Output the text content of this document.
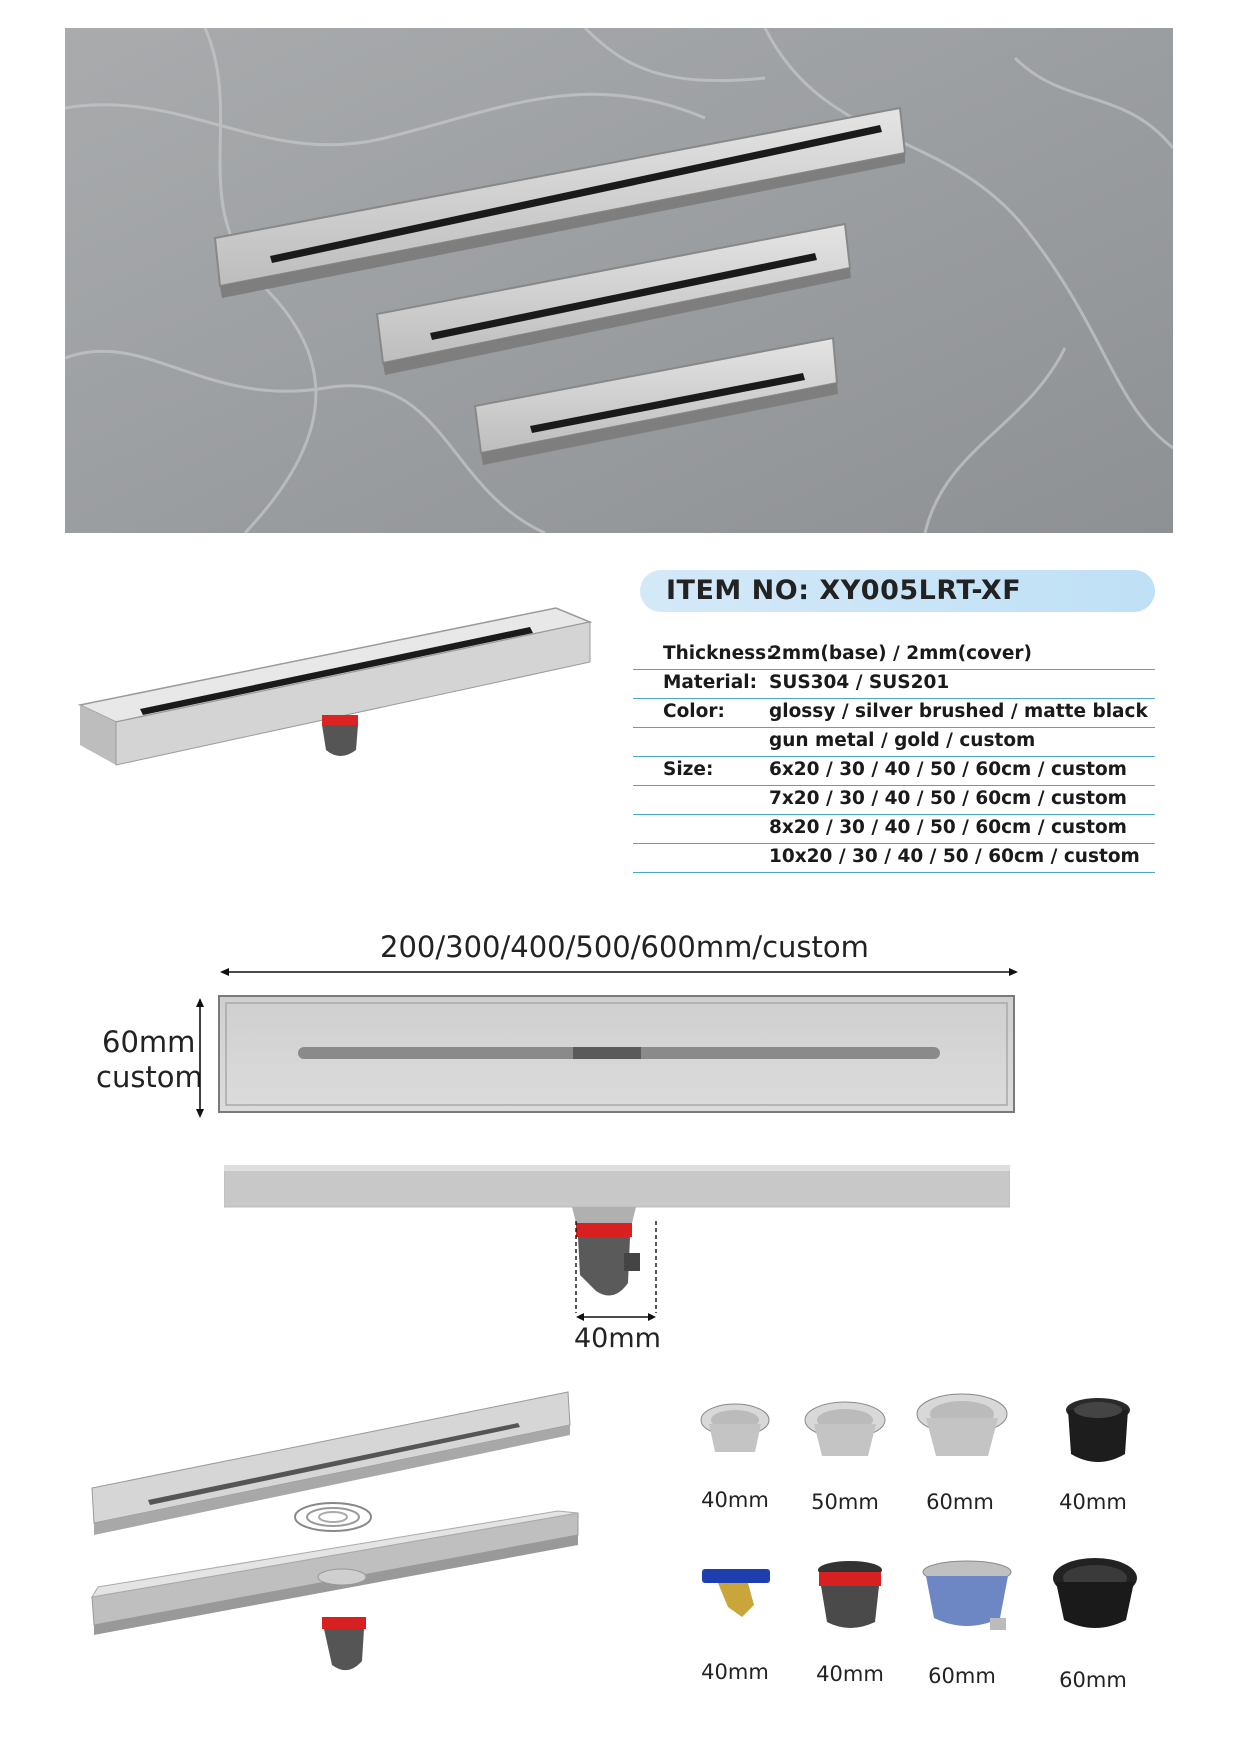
ITEM NO: XY005LRT-XF
Thickness:
2mm(base) / 2mm(cover)
Material: SUS304 / SUS201
Color: glossy / silver brushed / matte black
gun metal / gold / custom
Size:	6x20 / 30 / 40 / 50 / 60cm / custom
7x20 / 30 / 40 / 50 / 60cm / custom
8x20 / 30 / 40 / 50 / 60cm / custom
10x20 / 30 / 40 / 50 / 60cm / custom
200/300/400/500/600mm/custom
60mm
custom
40mm
40mm	50mm	60mm	40mm
40mm	40mm	60mm	60mm
